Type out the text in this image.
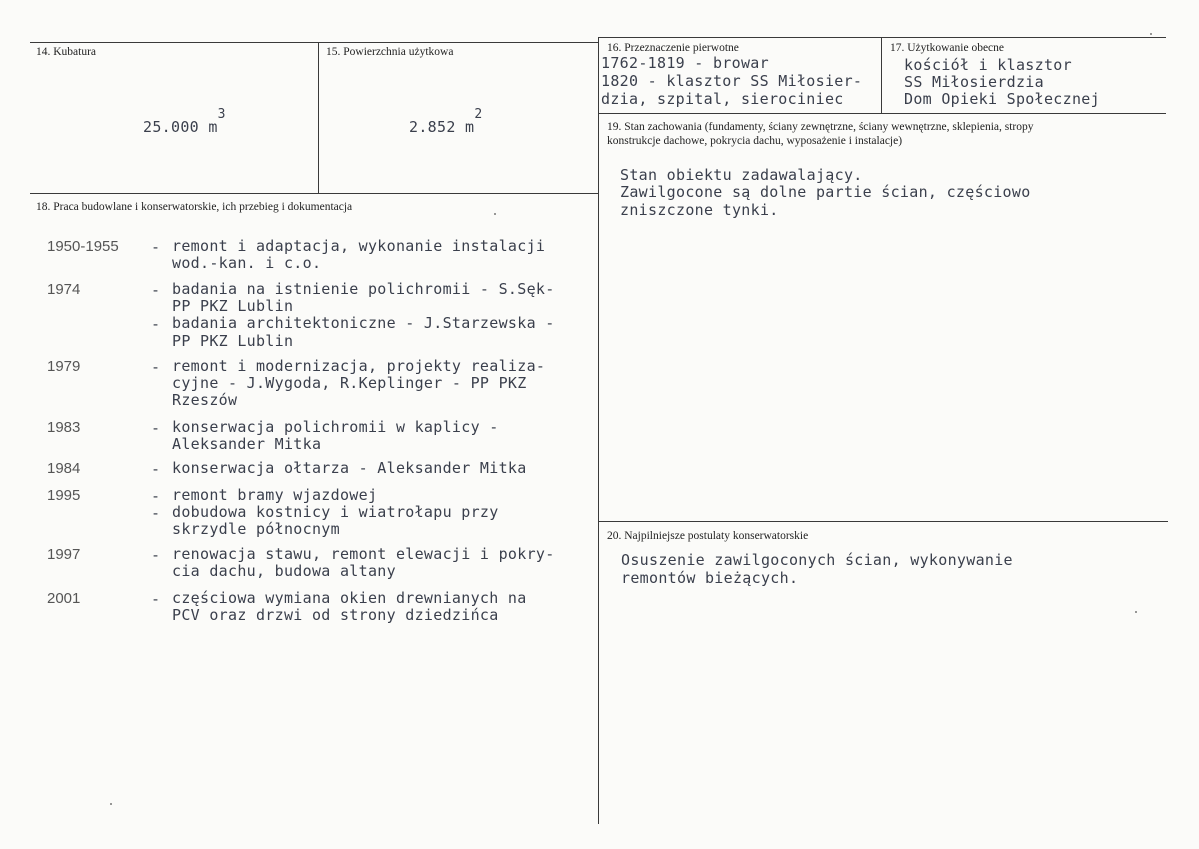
14. Kubatura
25.000 m3
15. Powierzchnia użytkowa
2.852 m2
16. Przeznaczenie pierwotne
1762-1819 - browar
1820 - klasztor SS Miłosier-
dzia, szpital, sierociniec
17. Użytkowanie obecne
kościół i klasztor
SS Miłosierdzia
Dom Opieki Społecznej
19. Stan zachowania (fundamenty, ściany zewnętrzne, ściany wewnętrzne, sklepienia, stropy
konstrukcje dachowe, pokrycia dachu, wyposażenie i instalacje)
Stan obiektu zadawalający.
Zawilgocone są dolne partie ścian, częściowo
zniszczone tynki.
20. Najpilniejsze postulaty konserwatorskie
Osuszenie zawilgoconych ścian, wykonywanie
remontów bieżących.
18. Praca budowlane i konserwatorskie, ich przebieg i dokumentacja
1950-1955 - remont i adaptacja, wykonanie instalacji
wod.-kan. i c.o.
1974	- badania na istnienie polichromii - S.Sęk-
PP PKZ Lublin
- badania architektoniczne - J.Starzewska -
PP PKZ Lublin
1979	- remont i modernizacja, projekty realiza-
cyjne - J.Wygoda, R.Keplinger - PP PKZ
Rzeszów
1983	- konserwacja polichromii w kaplicy -
Aleksander Mitka
1984	- konserwacja ołtarza - Aleksander Mitka
1995	- remont bramy wjazdowej
- dobudowa kostnicy i wiatrołapu przy
skrzydle północnym
1997	- renowacja stawu, remont elewacji i pokry-
cia dachu, budowa altany
2001	- częściowa wymiana okien drewnianych na
PCV oraz drzwi od strony dziedzińca
